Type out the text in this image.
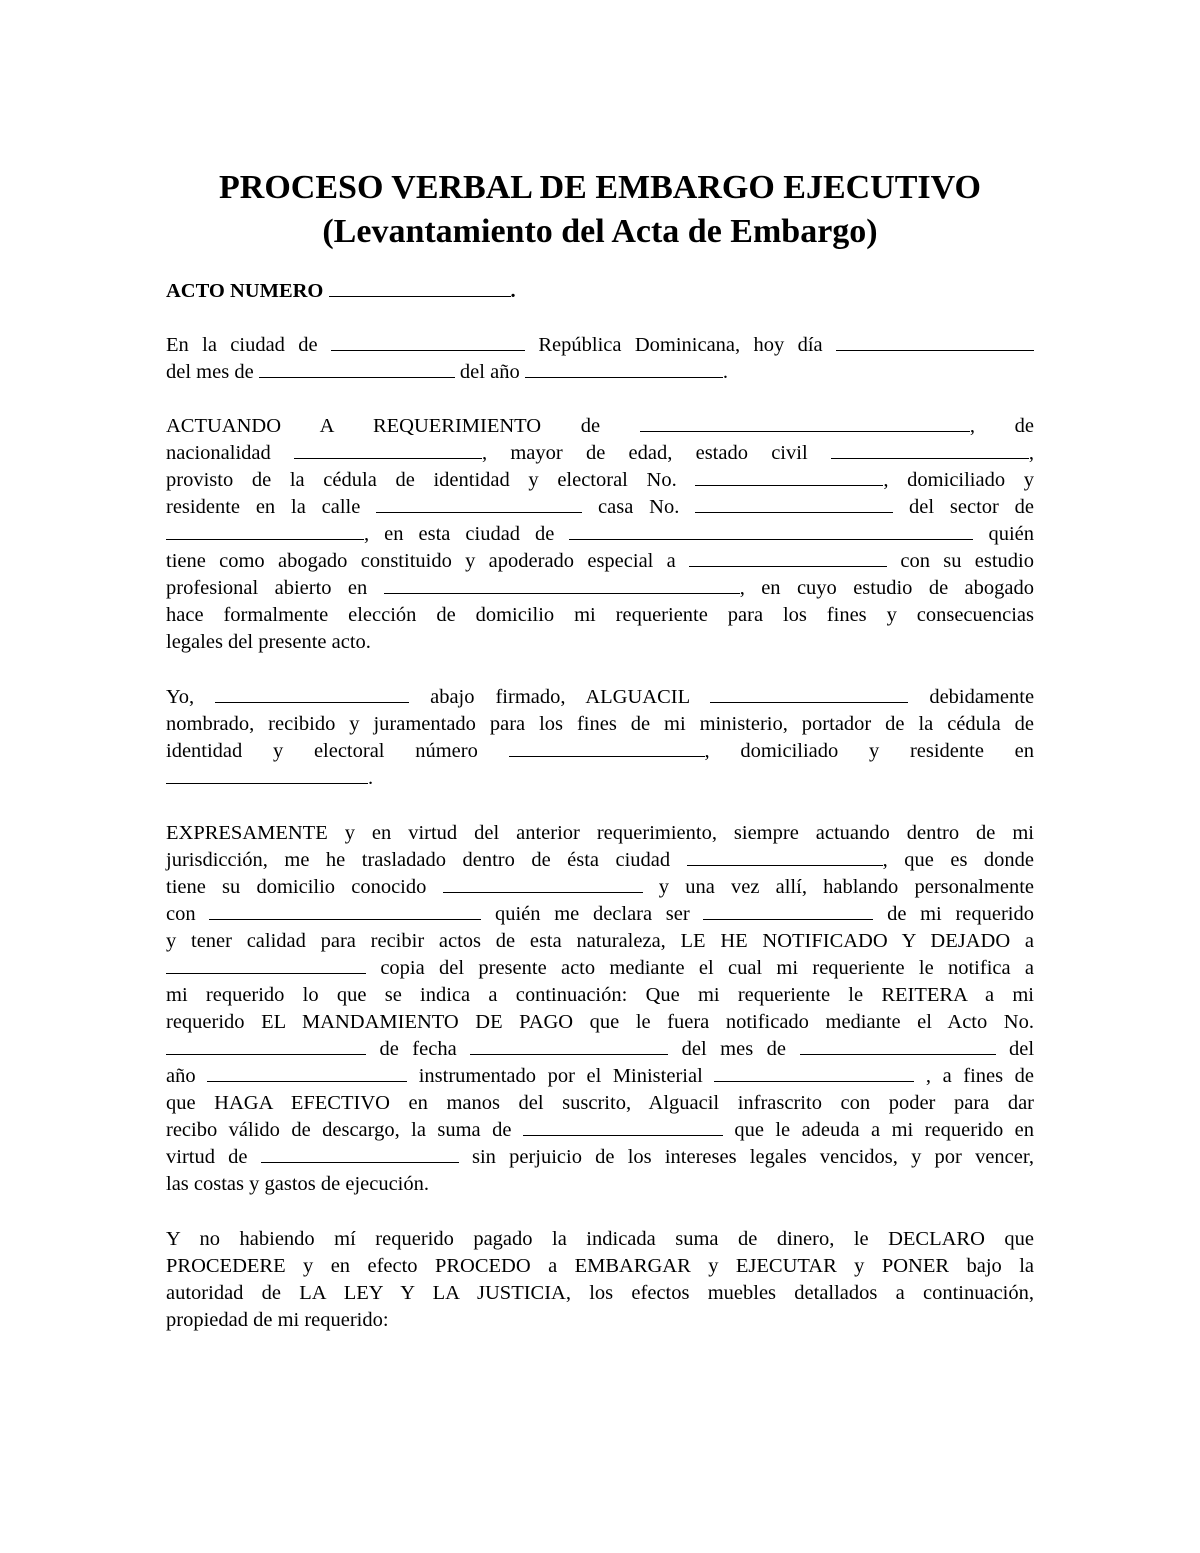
PROCESO VERBAL DE EMBARGO EJECUTIVO
(Levantamiento del Acta de Embargo)

ACTO NUMERO	.

En la ciudad de	República Dominicana, hoy día

del mes de	del año	.

ACTUANDO A REQUERIMIENTO de	, de

nacionalidad	, mayor de edad, estado civil	,

provisto de la cédula de identidad y electoral No.	, domiciliado y

residente en la calle	casa No.	del sector de

, en esta ciudad de	quién

tiene como abogado constituido y apoderado especial a	con su estudio

profesional abierto en	, en cuyo estudio de abogado

hace formalmente elección de domicilio mi requeriente para los fines y consecuencias

legales del presente acto.

Yo,	abajo firmado, ALGUACIL	debidamente

nombrado, recibido y juramentado para los fines de mi ministerio, portador de la cédula de

identidad y electoral número	, domiciliado y residente en

.

EXPRESAMENTE y en virtud del anterior requerimiento, siempre actuando dentro de mi

jurisdicción, me he trasladado dentro de ésta ciudad	, que es donde

tiene su domicilio conocido	y una vez allí, hablando personalmente

con	quién me declara ser	de mi requerido

y tener calidad para recibir actos de esta naturaleza, LE HE NOTIFICADO Y DEJADO a

copia del presente acto mediante el cual mi requeriente le notifica a

mi requerido lo que se indica a continuación: Que mi requeriente le REITERA a mi

requerido EL MANDAMIENTO DE PAGO que le fuera notificado mediante el Acto No.

de fecha	del mes de	del

año	instrumentado por el Ministerial	, a fines de

que HAGA EFECTIVO en manos del suscrito, Alguacil infrascrito con poder para dar

recibo válido de descargo, la suma de	que le adeuda a mi requerido en

virtud de	sin perjuicio de los intereses legales vencidos, y por vencer,

las costas y gastos de ejecución.

Y no habiendo mí requerido pagado la indicada suma de dinero, le DECLARO que

PROCEDERE y en efecto PROCEDO a EMBARGAR y EJECUTAR y PONER bajo la

autoridad de LA LEY Y LA JUSTICIA, los efectos muebles detallados a continuación,

propiedad de mi requerido:
